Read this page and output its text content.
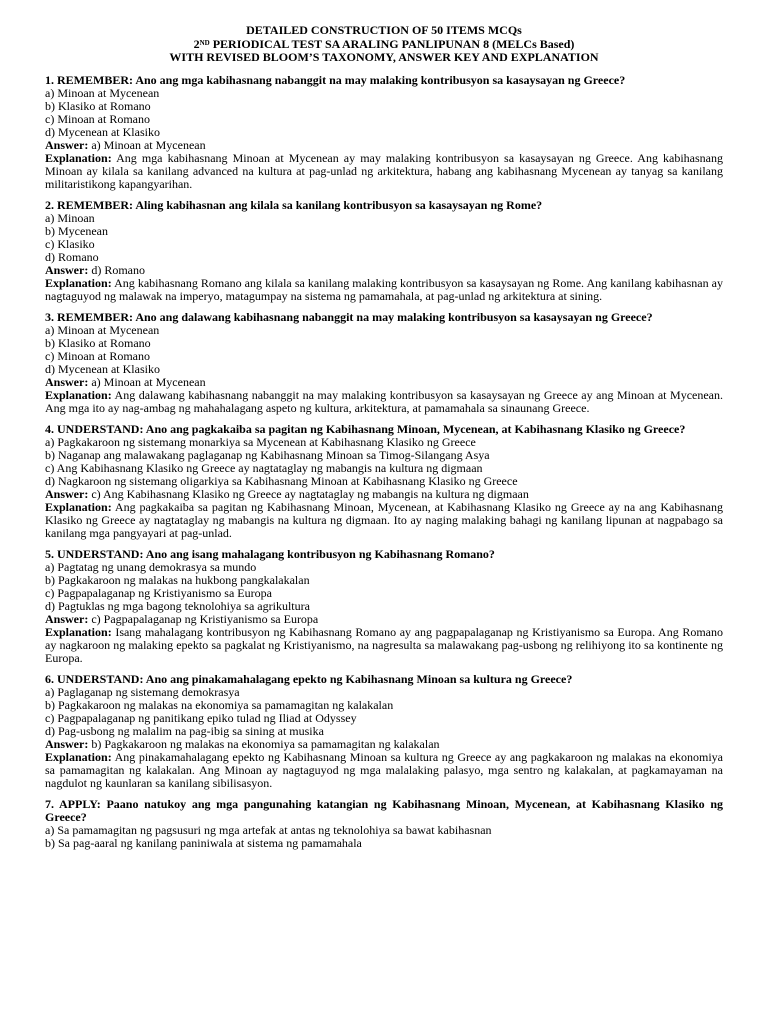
DETAILED CONSTRUCTION OF 50 ITEMS MCQs
2ND PERIODICAL TEST SA ARALING PANLIPUNAN 8 (MELCs Based)
WITH REVISED BLOOM’S TAXONOMY, ANSWER KEY AND EXPLANATION
1. REMEMBER: Ano ang mga kabihasnang nabanggit na may malaking kontribusyon sa kasaysayan ng Greece?
a) Minoan at Mycenean
b) Klasiko at Romano
c) Minoan at Romano
d) Mycenean at Klasiko
Answer: a) Minoan at Mycenean
Explanation: Ang mga kabihasnang Minoan at Mycenean ay may malaking kontribusyon sa kasaysayan ng Greece. Ang kabihasnang Minoan ay kilala sa kanilang advanced na kultura at pag-unlad ng arkitektura, habang ang kabihasnang Mycenean ay tanyag sa kanilang militaristikong kapangyarihan.
2. REMEMBER: Aling kabihasnan ang kilala sa kanilang kontribusyon sa kasaysayan ng Rome?
a) Minoan
b) Mycenean
c) Klasiko
d) Romano
Answer: d) Romano
Explanation: Ang kabihasnang Romano ang kilala sa kanilang malaking kontribusyon sa kasaysayan ng Rome. Ang kanilang kabihasnan ay nagtaguyod ng malawak na imperyo, matagumpay na sistema ng pamamahala, at pag-unlad ng arkitektura at sining.
3. REMEMBER: Ano ang dalawang kabihasnang nabanggit na may malaking kontribusyon sa kasaysayan ng Greece?
a) Minoan at Mycenean
b) Klasiko at Romano
c) Minoan at Romano
d) Mycenean at Klasiko
Answer: a) Minoan at Mycenean
Explanation: Ang dalawang kabihasnang nabanggit na may malaking kontribusyon sa kasaysayan ng Greece ay ang Minoan at Mycenean. Ang mga ito ay nag-ambag ng mahahalagang aspeto ng kultura, arkitektura, at pamamahala sa sinaunang Greece.
4. UNDERSTAND: Ano ang pagkakaiba sa pagitan ng Kabihasnang Minoan, Mycenean, at Kabihasnang Klasiko ng Greece?
a) Pagkakaroon ng sistemang monarkiya sa Mycenean at Kabihasnang Klasiko ng Greece
b) Naganap ang malawakang paglaganap ng Kabihasnang Minoan sa Timog-Silangang Asya
c) Ang Kabihasnang Klasiko ng Greece ay nagtataglay ng mabangis na kultura ng digmaan
d) Nagkaroon ng sistemang oligarkiya sa Kabihasnang Minoan at Kabihasnang Klasiko ng Greece
Answer: c) Ang Kabihasnang Klasiko ng Greece ay nagtataglay ng mabangis na kultura ng digmaan
Explanation: Ang pagkakaiba sa pagitan ng Kabihasnang Minoan, Mycenean, at Kabihasnang Klasiko ng Greece ay na ang Kabihasnang Klasiko ng Greece ay nagtataglay ng mabangis na kultura ng digmaan. Ito ay naging malaking bahagi ng kanilang lipunan at nagpabago sa kanilang mga pangyayari at pag-unlad.
5. UNDERSTAND: Ano ang isang mahalagang kontribusyon ng Kabihasnang Romano?
a) Pagtatag ng unang demokrasya sa mundo
b) Pagkakaroon ng malakas na hukbong pangkalakalan
c) Pagpapalaganap ng Kristiyanismo sa Europa
d) Pagtuklas ng mga bagong teknolohiya sa agrikultura
Answer: c) Pagpapalaganap ng Kristiyanismo sa Europa
Explanation: Isang mahalagang kontribusyon ng Kabihasnang Romano ay ang pagpapalaganap ng Kristiyanismo sa Europa. Ang Romano ay nagkaroon ng malaking epekto sa pagkalat ng Kristiyanismo, na nagresulta sa malawakang pag-usbong ng relihiyong ito sa kontinente ng Europa.
6. UNDERSTAND: Ano ang pinakamahalagang epekto ng Kabihasnang Minoan sa kultura ng Greece?
a) Paglaganap ng sistemang demokrasya
b) Pagkakaroon ng malakas na ekonomiya sa pamamagitan ng kalakalan
c) Pagpapalaganap ng panitikang epiko tulad ng Iliad at Odyssey
d) Pag-usbong ng malalim na pag-ibig sa sining at musika
Answer: b) Pagkakaroon ng malakas na ekonomiya sa pamamagitan ng kalakalan
Explanation: Ang pinakamahalagang epekto ng Kabihasnang Minoan sa kultura ng Greece ay ang pagkakaroon ng malakas na ekonomiya sa pamamagitan ng kalakalan. Ang Minoan ay nagtaguyod ng mga malalaking palasyo, mga sentro ng kalakalan, at pagkamayaman na nagdulot ng kaunlaran sa kanilang sibilisasyon.
7. APPLY: Paano natukoy ang mga pangunahing katangian ng Kabihasnang Minoan, Mycenean, at Kabihasnang Klasiko ng Greece?
a) Sa pamamagitan ng pagsusuri ng mga artefak at antas ng teknolohiya sa bawat kabihasnan
b) Sa pag-aaral ng kanilang paniniwala at sistema ng pamamahala
